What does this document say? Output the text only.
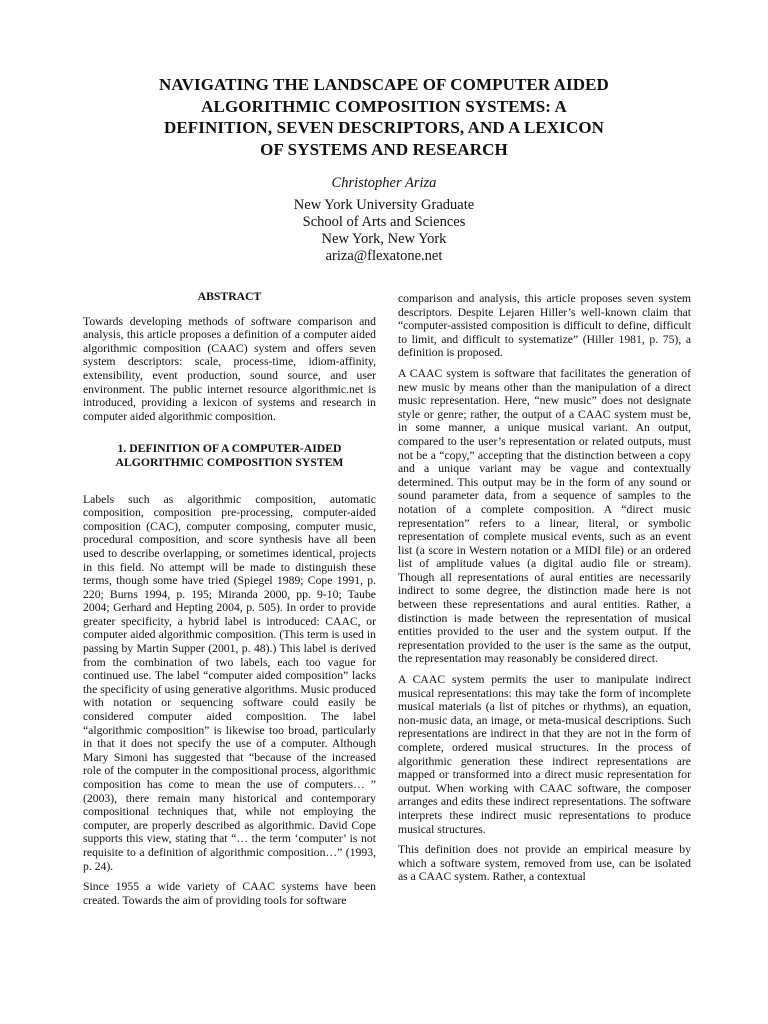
NAVIGATING THE LANDSCAPE OF COMPUTER AIDED
ALGORITHMIC COMPOSITION SYSTEMS: A
DEFINITION, SEVEN DESCRIPTORS, AND A LEXICON
OF SYSTEMS AND RESEARCH
Christopher Ariza
New York University Graduate
School of Arts and Sciences
New York, New York
ariza@flexatone.net
ABSTRACT

Towards developing methods of software comparison and analysis, this article proposes a definition of a computer aided algorithmic composition (CAAC) system and offers seven system descriptors: scale, process-time, idiom-affinity, extensibility, event production, sound source, and user environment. The public internet resource algorithmic.net is introduced, providing a lexicon of systems and research in computer aided algorithmic composition.

1. DEFINITION OF A COMPUTER-AIDED
ALGORITHMIC COMPOSITION SYSTEM

Labels such as algorithmic composition, automatic composition, composition pre-processing, computer-aided composition (CAC), computer composing, computer music, procedural composition, and score synthesis have all been used to describe overlapping, or sometimes identical, projects in this field. No attempt will be made to distinguish these terms, though some have tried (Spiegel 1989; Cope 1991, p. 220; Burns 1994, p. 195; Miranda 2000, pp. 9-10; Taube 2004; Gerhard and Hepting 2004, p. 505). In order to provide greater specificity, a hybrid label is introduced: CAAC, or computer aided algorithmic composition. (This term is used in passing by Martin Supper (2001, p. 48).) This label is derived from the combination of two labels, each too vague for continued use. The label “computer aided composition” lacks the specificity of using generative algorithms. Music produced with notation or sequencing software could easily be considered computer aided composition. The label “algorithmic composition” is likewise too broad, particularly in that it does not specify the use of a computer. Although Mary Simoni has suggested that “because of the increased role of the computer in the compositional process, algorithmic composition has come to mean the use of computers… ” (2003), there remain many historical and contemporary compositional techniques that, while not employing the computer, are properly described as algorithmic. David Cope supports this view, stating that “… the term ‘computer’ is not requisite to a definition of algorithmic composition…” (1993, p. 24).

Since 1955 a wide variety of CAAC systems have been created. Towards the aim of providing tools for software

comparison and analysis, this article proposes seven system descriptors. Despite Lejaren Hiller’s well-known claim that “computer-assisted composition is difficult to define, difficult to limit, and difficult to systematize” (Hiller 1981, p. 75), a definition is proposed.

A CAAC system is software that facilitates the generation of new music by means other than the manipulation of a direct music representation. Here, “new music” does not designate style or genre; rather, the output of a CAAC system must be, in some manner, a unique musical variant. An output, compared to the user’s representation or related outputs, must not be a “copy,” accepting that the distinction between a copy and a unique variant may be vague and contextually determined. This output may be in the form of any sound or sound parameter data, from a sequence of samples to the notation of a complete composition. A “direct music representation” refers to a linear, literal, or symbolic representation of complete musical events, such as an event list (a score in Western notation or a MIDI file) or an ordered list of amplitude values (a digital audio file or stream). Though all representations of aural entities are necessarily indirect to some degree, the distinction made here is not between these representations and aural entities. Rather, a distinction is made between the representation of musical entities provided to the user and the system output. If the representation provided to the user is the same as the output, the representation may reasonably be considered direct.

A CAAC system permits the user to manipulate indirect musical representations: this may take the form of incomplete musical materials (a list of pitches or rhythms), an equation, non-music data, an image, or meta-musical descriptions. Such representations are indirect in that they are not in the form of complete, ordered musical structures. In the process of algorithmic generation these indirect representations are mapped or transformed into a direct music representation for output. When working with CAAC software, the composer arranges and edits these indirect representations. The software interprets these indirect music representations to produce musical structures.

This definition does not provide an empirical measure by which a software system, removed from use, can be isolated as a CAAC system. Rather, a contextual
